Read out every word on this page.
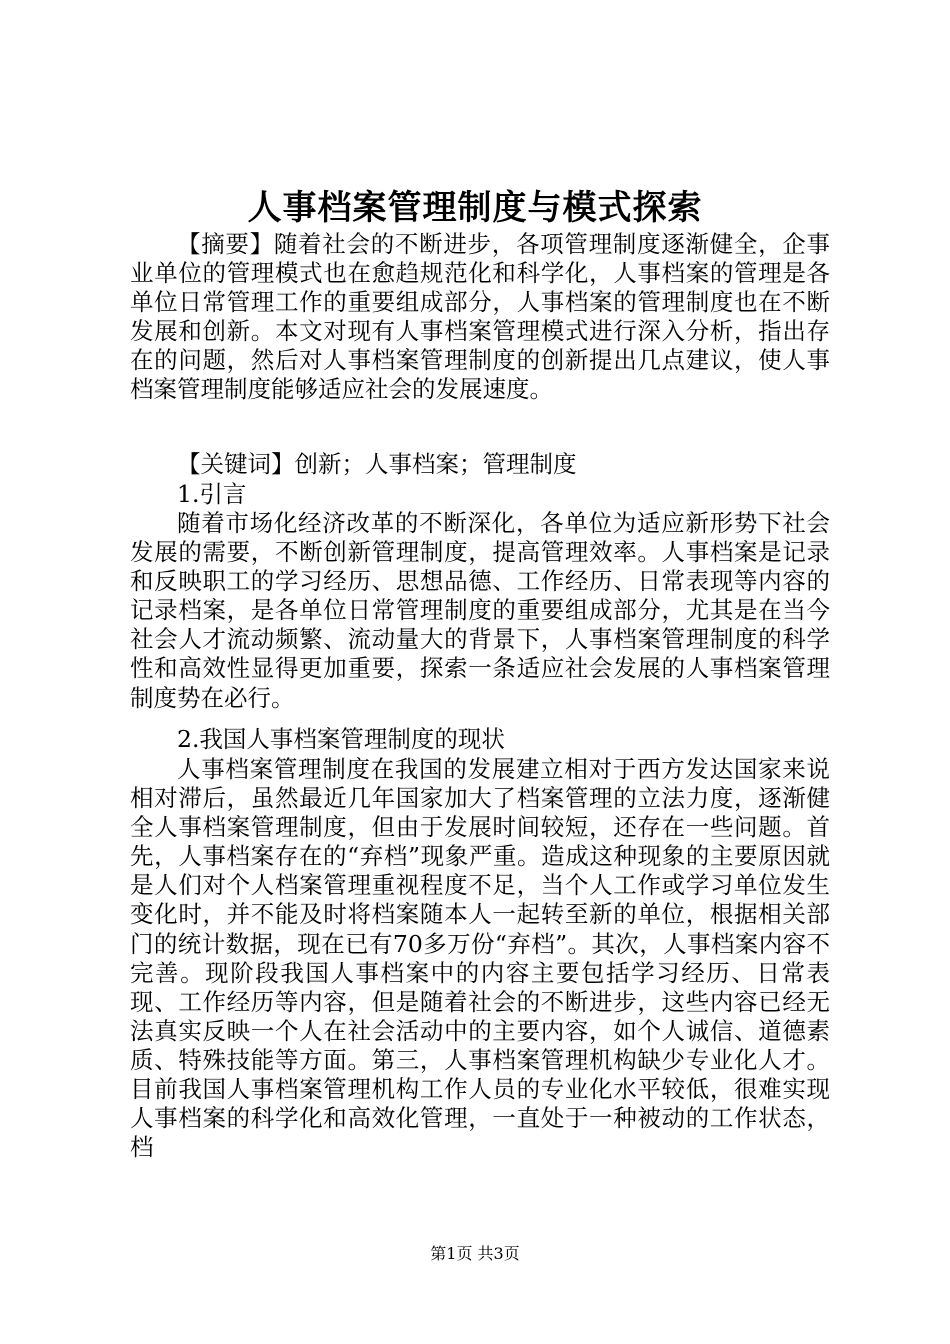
人事档案管理制度与模式探索

【摘要】随着社会的不断进步，各项管理制度逐渐健全，企事业单位的管理模式也在愈趋规范化和科学化，人事档案的管理是各单位日常管理工作的重要组成部分，人事档案的管理制度也在不断发展和创新。本文对现有人事档案管理模式进行深入分析，指出存在的问题，然后对人事档案管理制度的创新提出几点建议，使人事档案管理制度能够适应社会的发展速度。

【关键词】创新；人事档案；管理制度

1.引言

随着市场化经济改革的不断深化，各单位为适应新形势下社会发展的需要，不断创新管理制度，提高管理效率。人事档案是记录和反映职工的学习经历、思想品德、工作经历、日常表现等内容的记录档案，是各单位日常管理制度的重要组成部分，尤其是在当今社会人才流动频繁、流动量大的背景下，人事档案管理制度的科学性和高效性显得更加重要，探索一条适应社会发展的人事档案管理制度势在必行。

2.我国人事档案管理制度的现状

人事档案管理制度在我国的发展建立相对于西方发达国家来说相对滞后，虽然最近几年国家加大了档案管理的立法力度，逐渐健全人事档案管理制度，但由于发展时间较短，还存在一些问题。首先，人事档案存在的“弃档”现象严重。造成这种现象的主要原因就是人们对个人档案管理重视程度不足，当个人工作或学习单位发生变化时，并不能及时将档案随本人一起转至新的单位，根据相关部门的统计数据，现在已有70多万份“弃档”。其次，人事档案内容不完善。现阶段我国人事档案中的内容主要包括学习经历、日常表现、工作经历等内容，但是随着社会的不断进步，这些内容已经无法真实反映一个人在社会活动中的主要内容，如个人诚信、道德素质、特殊技能等方面。第三，人事档案管理机构缺少专业化人才。目前我国人事档案管理机构工作人员的专业化水平较低，很难实现人事档案的科学化和高效化管理，一直处于一种被动的工作状态，档

第1页 共3页
